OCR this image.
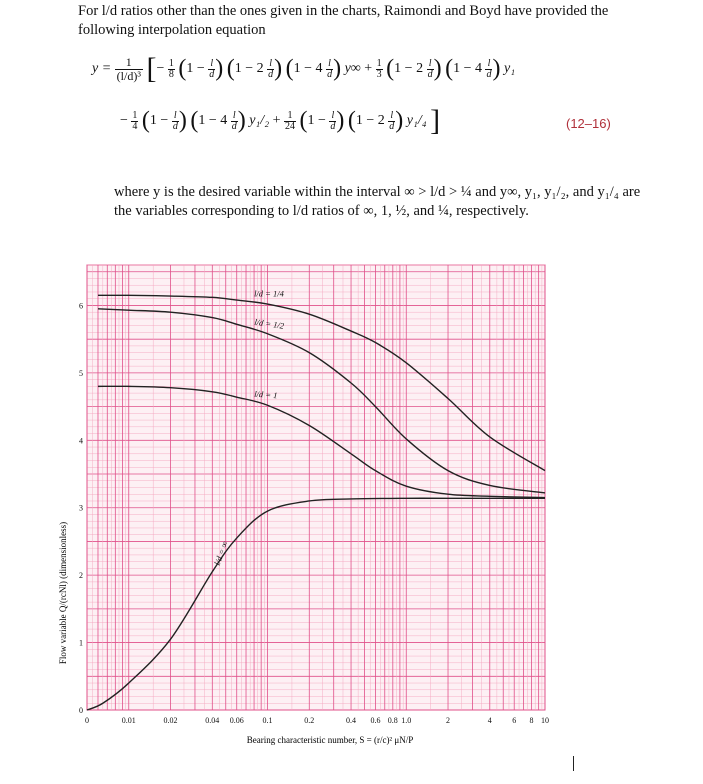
For l/d ratios other than the ones given in the charts, Raimondi and Boyd have provided the following interpolation equation
$y = \frac{1}{\text{(l/d)³}}$ [− $\frac{1}{8} (1 - \frac{l}{d}$ ) ($1 - 2 \frac{l}{d}$ ) ($1 - 4 \frac{l}{d}$ ) $y\infty + \frac{1}{3} (1 - 2 \frac{l}{d}$ ) ($1 - 4 \frac{l}{d}$ ) y₁
− $\frac{1}{4} (1 - \frac{l}{d}$ ) ($1 - 4 \frac{l}{d}$ ) $y_1/_2 + \frac{1}{24} (1 - \frac{l}{d}$ ) ($1 - 2 \frac{l}{d}$ ) y₁/₄ ]	(12–16)
where y is the desired variable within the interval ∞ > l/d > ¼ and y∞, y₁, y₁/₂, and y₁/₄ are the variables corresponding to l/d ratios of ∞, 1, ½, and ¼, respectively.
l/d = 1/4
l/d = 1/2
l/d = 1
l/d = ∞
0	0.01	0.02	0.04 0.06 0.1	0.2	0.4 0.6 0.8 1.0	2	4	6 8 10
0
1
2
3
4
5
6
Bearing characteristic number, S = (r/c)² μN/P
Flow variable Q/(rcNl) (dimensionless)
